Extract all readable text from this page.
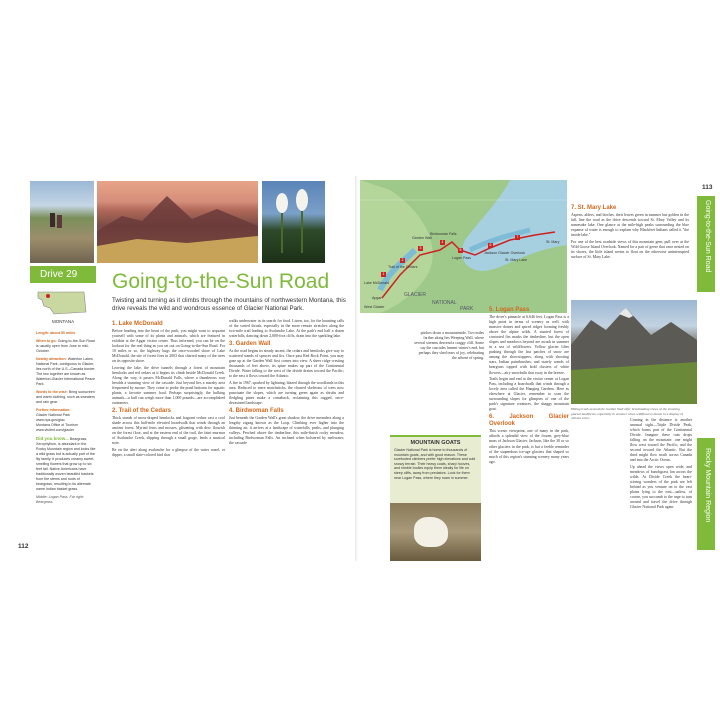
Drive 29	Going-to-the-Sun Road
Twisting and turning as it climbs through the mountains of northwestern Montana, this drive reveals the wild and wondrous essence of Glacier National Park.
MONTANA

Length: about 50 miles

When to go: Going-to-the-Sun Road is usually open from June to mid-October.

Nearby attraction: Waterton Lakes National Park, contiguous to Glacier, lies north of the U.S.–Canada border. The two together are known as Waterton-Glacier International Peace Park.

Words to the wise: Bring sunscreen and warm clothing, such as sweaters and rain gear.

Further information:
Glacier National Park www.nps.gov/glac
Montana Office of Tourism www.visitmt.com/glacier

Did you know... Beargrass, Xerophyllum, is abundant in the Rocky Mountain region and looks like a wild grass but is actually part of the lily family. It produces creamy sweet-smelling flowers that grow up to six feet tall. Native Americans have traditionally woven beautiful baskets from the stems and roots of beargrass, resulting in its alternate name Indian basket grass.

Middle: Logan Pass. Far right: Beargrass.

1. Lake McDonald

Before heading into the heart of the park, you might want to acquaint yourself with some of its plants and animals, which are featured in exhibits at the Apgar visitor center. Thus informed, you can be on the lookout for the real thing as you set out on Going-to-the-Sun Road. For 10 miles or so, the highway hugs the once-wooded shore of Lake McDonald, the site of forest fires in 2003 that charred many of the trees on its opposite shore.

Leaving the lake, the drive tunnels through a forest of mountain hemlocks and red cedars as it begins its climb beside McDonald Creek. Along the way, it passes McDonald Falls, where a thunderous roar heralds a stunning view of the cascade. Just beyond lies a marshy area frequented by moose. They come to probe the pond bottoms for aquatic plants, a favorite summer food. Perhaps surprisingly, the hulking animals—a bull can weigh more than 1,000 pounds—are accomplished swimmers.

2. Trail of the Cedars

Thick stands of moss-draped hemlocks and fragrant cedars cast a cool shade across this half-mile elevated boardwalk that winds through an ancient forest. Myriad ferns and mosses, glistening with dew, flourish on the forest floor, and at the eastern end of the trail, the faint murmur of Avalanche Creek, slipping through a small gorge, lends a musical note.

Be on the alert along avalanche for a glimpse of the water ouzel, or dipper, a small slate-colored bird that

walks underwater in its search for food. Listen, too, for the haunting calls of the varied thrush, especially in the more remote stretches along the two-mile trail leading to Avalanche Lake. At the path's end half a dozen waterfalls, dancing down 2,000-foot cliffs, drain into the sparkling lake.

3. Garden Wall

As the road begins its steady ascent, the cedars and hemlocks give way to scattered stands of spruces and firs. Once past Red Rock Point, you may gaze up at the Garden Wall first comes into view. A sheer ridge cresting thousands of feet above, its spine makes up part of the Continental Divide. Water falling to the west of the divide drains toward the Pacific; to the east it flows toward the Atlantic.

A fire in 1967, sparked by lightning, blazed through the woodlands in this area. Reduced to mere matchsticks, the charred skeletons of trees now punctuate the slopes, which are turning green again as shrubs and fledgling pines make a comeback, reclaiming this rugged, once-devastated landscape.

4. Birdwoman Falls

Just beneath the Garden Wall's great shadow, the drive meanders along a lengthy zigzag known as the Loop. Climbing ever higher into the thinning air, it arrives at a landscape of waterfalls, peaks, and plunging valleys. Perched above the timberline, this mile-finish rocky meadow, including Birdwoman Falls. An inclined when bolstered by meltwater, the cascade

112
1
2
3
4
5
6
7
Lake McDonald
Trail of the Cedars
Garden Wall
Birdwoman Falls
Logan Pass
Jackson Glacier Overlook
St. Mary Lake
St. Mary
GLACIER
NATIONAL
PARK
West Glacier
Apgar

pitches down a mountainside. Two miles farther along lies Weeping Wall, where several streams descend a craggy cliff. Some say the cascades lament winter's end, but perhaps they shed tears of joy, celebrating the advent of spring.

MOUNTAIN GOATS
Glacier National Park is home to thousands of mountain goats, and with good reason. These surefooted climbers prefer high elevations and cold snowy terrain. Their heavy coats, sharp hooves, and nimble bodies equip them ideally for life on steep cliffs, away from predators. Look for them near Logan Pass, where they roam in summer.
5. Logan Pass

The drive's pinnacle at 6,646 feet, Logan Pass is a high point in terms of scenery as well, with massive domes and spired ridges looming freshly above the alpine wilds. A stunted forest of contorted firs marks the timberline, but the open slopes and meadows beyond are awash in summer in a sea of wildflowers. Yellow glacier lilies pushing through the last patches of snow are among the showstoppers, along with shooting stars, Indian paintbrushes, and stately wands of beargrass topped with bold clusters of white flowers—airy snowballs that sway in the breeze.

Trails begin and end at the visitor center at Logan Pass, including a boardwalk that winds through a lovely area called the Hanging Gardens. Here as elsewhere at Glacier, remember to scan the surrounding slopes for glimpses of one of the park's signature creatures, the shaggy mountain goat.

6. Jackson Glacier Overlook

This scenic viewpoint, one of many in the park, affords a splendid view of the frozen, grey-blue mass of Jackson Glacier. Jackson, like the 30 or so other glaciers in the park, is but a feeble reminder of the stupendous ice-age glaciers that shaped so much of this region's stunning scenery many years ago.

7. St. Mary Lake

Aspens, alders, and birches, their leaves green in summer but golden in the fall, line the road as the drive descends toward St. Mary Valley and its namesake lake. One glance at the mile-high peaks surrounding the blue expanse of water is enough to explain why Blackfeet Indians called it "the inside lake."

For one of the best roadside views of this mountain gem, pull over at the Wild Goose Island Overlook. Named for a pair of geese that once nested on its shores, the little island seems to float on the otherwise uninterrupted surface of St. Mary Lake.

Hiking trails around the Garden Wall offer breathtaking views of the stunning glacial landforms, especially in summer when wildflowers bloom in a display of vibrant color.	Craning in the distance is another unusual sight—Triple Divide Peak, which forms part of the Continental Divide. Imagine these rain drops falling on the mountain: one might flow west toward the Pacific, and the second toward the Atlantic. But the third might flow north across Canada and into the Arctic Ocean.

Up ahead the views open wide, and meadows of bunchgrass fan across the wilds. At Divide Creek the heart-stirring wonders of the park are left behind as you venture on to the vast plains lying to the east—unless, of course, you succumb to the urge to turn around and travel the drive through Glacier National Park again.

113
Going-to-the-Sun Road
Rocky Mountain Region
